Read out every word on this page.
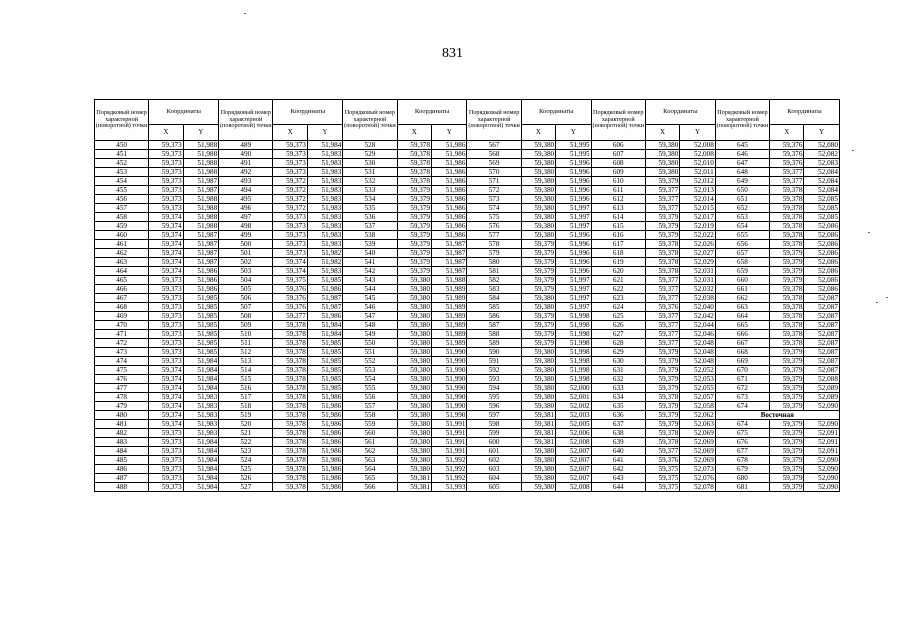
831
Порядковый номер характерной (поворотной) точки	Координаты		Порядковый номер характерной (поворотной) точки	Координаты		Порядковый номер характерной (поворотной) точки	Координаты		Порядковый номер характерной (поворотной) точки	Координаты		Порядковый номер характерной (поворотной) точки	Координаты		Порядковый номер характерной (поворотной) точки	Координаты	
	X	Y		X	Y		X	Y		X	Y		X	Y		X	Y
450	59,373	51,988	489	59,373	51,984	528	59,378	51,986	567	59,380	51,995	606	59,380	52,008	645	59,376	52,080
451	59,373	51,988	490	59,373	51,983	529	59,378	51,986	568	59,380	51,995	607	59,380	52,008	646	59,376	52,082
452	59,373	51,988	491	59,373	51,983	530	59,378	51,986	569	59,380	51,996	608	59,380	52,010	647	59,376	52,083
453	59,373	51,988	492	59,373	51,983	531	59,378	51,986	570	59,380	51,996	609	59,380	52,011	648	59,377	52,084
454	59,373	51,987	493	59,372	51,983	532	59,378	51,986	571	59,380	51,996	610	59,379	52,012	649	59,377	52,084
455	59,373	51,987	494	59,372	51,983	533	59,379	51,986	572	59,380	51,996	611	59,377	52,013	650	59,378	52,084
456	59,373	51,988	495	59,372	51,983	534	59,379	51,986	573	59,380	51,996	612	59,377	52,014	651	59,378	52,085
457	59,373	51,988	496	59,372	51,983	535	59,379	51,986	574	59,380	51,997	613	59,377	52,015	652	59,378	52,085
458	59,374	51,988	497	59,373	51,983	536	59,379	51,986	575	59,380	51,997	614	59,379	52,017	653	59,378	52,085
459	59,374	51,988	498	59,373	51,983	537	59,379	51,986	576	59,380	51,997	615	59,379	52,019	654	59,378	52,086
460	59,374	51,987	499	59,373	51,983	538	59,379	51,986	577	59,380	51,996	616	59,379	52,022	655	59,378	52,086
461	59,374	51,987	500	59,373	51,983	539	59,379	51,987	578	59,379	51,996	617	59,378	52,026	656	59,378	52,086
462	59,374	51,987	501	59,373	51,982	540	59,379	51,987	579	59,379	51,996	618	59,378	52,027	657	59,379	52,086
463	59,374	51,987	502	59,374	51,982	541	59,379	51,987	580	59,379	51,996	619	59,378	52,029	658	59,379	52,086
464	59,374	51,986	503	59,374	51,983	542	59,379	51,987	581	59,379	51,996	620	59,378	52,031	659	59,379	52,086
465	59,373	51,986	504	59,375	51,985	543	59,380	51,988	582	59,379	51,997	621	59,377	52,031	660	59,379	52,086
466	59,373	51,986	505	59,376	51,986	544	59,380	51,989	583	59,379	51,997	622	59,377	52,032	661	59,378	52,086
467	59,373	51,985	506	59,376	51,987	545	59,380	51,989	584	59,380	51,997	623	59,377	52,038	662	59,378	52,087
468	59,373	51,985	507	59,376	51,987	546	59,380	51,989	585	59,380	51,997	624	59,376	52,040	663	59,378	52,087
469	59,373	51,985	508	59,377	51,986	547	59,380	51,989	586	59,379	51,998	625	59,377	52,042	664	59,378	52,087
470	59,373	51,985	509	59,378	51,984	548	59,380	51,989	587	59,379	51,998	626	59,377	52,044	665	59,378	52,087
471	59,373	51,985	510	59,378	51,984	549	59,380	51,989	588	59,379	51,998	627	59,377	52,046	666	59,378	52,087
472	59,373	51,985	511	59,378	51,985	550	59,380	51,989	589	59,379	51,998	628	59,377	52,048	667	59,378	52,087
473	59,373	51,985	512	59,378	51,985	551	59,380	51,990	590	59,380	51,998	629	59,379	52,048	668	59,379	52,087
474	59,373	51,984	513	59,378	51,985	552	59,380	51,990	591	59,380	51,998	630	59,379	52,048	669	59,379	52,087
475	59,374	51,984	514	59,378	51,985	553	59,380	51,990	592	59,380	51,998	631	59,379	52,052	670	59,379	52,087
476	59,374	51,984	515	59,378	51,985	554	59,380	51,990	593	59,380	51,998	632	59,379	52,053	671	59,379	52,088
477	59,374	51,984	516	59,378	51,985	555	59,380	51,990	594	59,380	52,000	633	59,379	52,055	672	59,379	52,089
478	59,374	51,983	517	59,378	51,986	556	59,380	51,990	595	59,380	52,001	634	59,378	52,057	673	59,379	52,089
479	59,374	51,983	518	59,378	51,986	557	59,380	51,990	596	59,380	52,002	635	59,379	52,058	674	59,379	52,090
480	59,374	51,983	519	59,378	51,986	558	59,380	51,990	597	59,381	52,003	636	59,379	52,062	Восточная		
481	59,374	51,983	520	59,378	51,986	559	59,380	51,991	598	59,381	52,005	637	59,379	52,063	674	59,379	52,090
482	59,373	51,983	521	59,378	51,986	560	59,380	51,991	599	59,381	52,006	638	59,378	52,069	675	59,379	52,091
483	59,373	51,984	522	59,378	51,986	561	59,380	51,991	600	59,381	52,008	639	59,378	52,069	676	59,379	52,091
484	59,373	51,984	523	59,378	51,986	562	59,380	51,991	601	59,380	52,007	640	59,377	52,069	677	59,379	52,091
485	59,373	51,984	524	59,378	51,986	563	59,380	51,992	602	59,380	52,007	641	59,376	52,069	678	59,379	52,090
486	59,373	51,984	525	59,378	51,986	564	59,380	51,992	603	59,380	52,007	642	59,375	52,073	679	59,379	52,090
487	59,373	51,984	526	59,378	51,986	565	59,381	51,992	604	59,380	52,007	643	59,375	52,076	680	59,379	52,090
488	59,373	51,984	527	59,378	51,986	566	59,381	51,993	605	59,380	52,008	644	59,375	52,078	681	59,379	52,090
